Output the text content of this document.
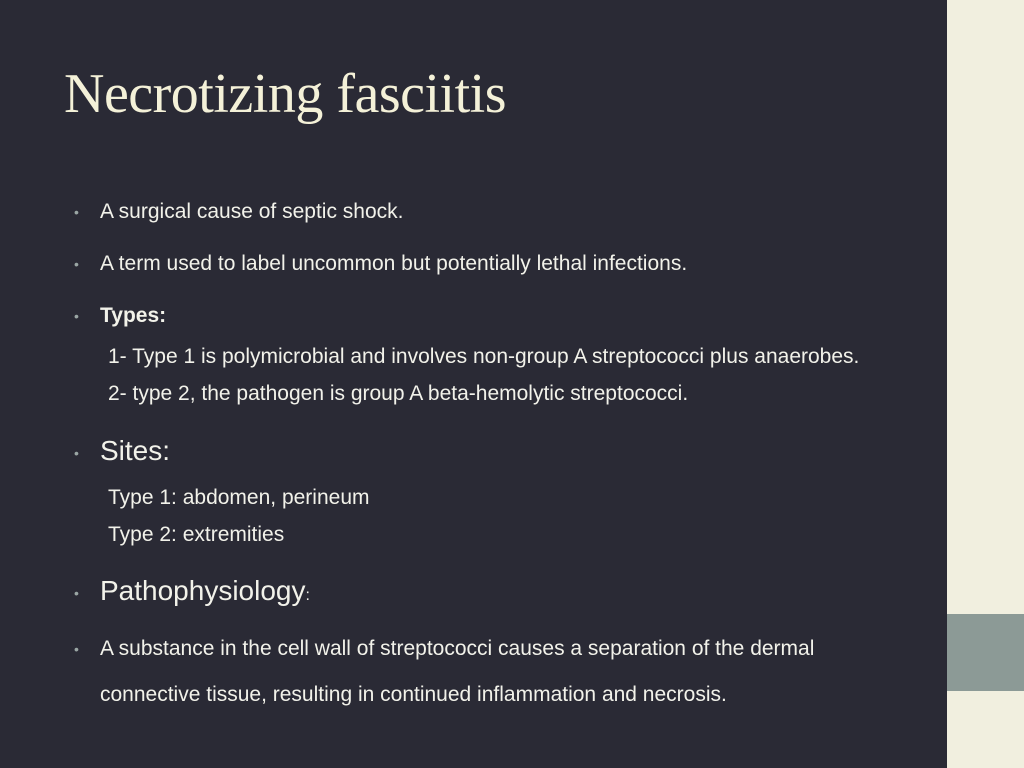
Necrotizing fasciitis
• A surgical cause of septic shock.
• A term used to label uncommon but potentially lethal infections.
• Types:
1- Type 1 is polymicrobial and involves non-group A streptococci plus anaerobes.
2- type 2, the pathogen is group A beta-hemolytic streptococci.
• Sites:
Type 1: abdomen, perineum
Type 2: extremities
• Pathophysiology:
• A substance in the cell wall of streptococci causes a separation of the dermal
connective tissue, resulting in continued inflammation and necrosis.
